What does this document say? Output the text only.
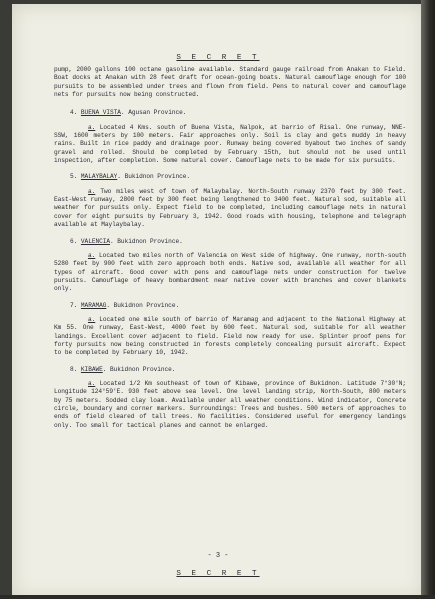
S E C R E T

pump, 2000 gallons 100 octane gasoline available. Standard gauge railroad from Anakan to Field. Boat docks at Anakan with 28 feet draft for ocean-going boats. Natural camouflage enough for 100 pursuits to be assembled under trees and flown from field. Pens to natural cover and camouflage nets for pursuits now being constructed.

4. BUENA VISTA. Agusan Province.

a. Located 4 Kms. south of Buena Vista, Nalpok, at barrio of Risal. One runway, NNE-SSW, 1600 meters by 100 meters. Fair approaches only. Soil is clay and gets muddy in heavy rains. Built in rice paddy and drainage poor. Runway being covered byabout two inches of sandy gravel and rolled. Should be completed by February 15th, but should not be used until inspection, after completion. Some natural cover. Camouflage nets to be made for six pursuits.

5. MALAYBALAY. Bukidnon Province.

a. Two miles west of town of Malaybalay. North-South runway 2370 feet by 300 feet. East-West runway, 2800 feet by 300 feet being lengthened to 3400 feet. Natural sod, suitable all weather for pursuits only. Expect field to be completed, including camouflage nets in natural cover for eight pursuits by February 3, 1942. Good roads with housing, telephone and telegraph available at Maylaybalay.

6. VALENCIA. Bukidnon Province.

a. Located two miles north of Valencia on West side of highway. One runway, north-south 5280 feet by 900 feet with zero approach both ends. Native sod, available all weather for all types of aircraft. Good cover with pens and camouflage nets under construction for twelve pursuits. Camouflage of heavy bombardment near native cover with branches and cover blankets only.

7. MARAMAG. Bukidnon Province.

a. Located one mile south of barrio of Maramag and adjacent to the National Highway at Km 55. One runway, East-West, 4000 feet by 600 feet. Natural sod, suitable for all weather landings. Excellent cover adjacent to field. Field now ready for use. Splinter proof pens for forty pursuits now being constructed in forests completely concealing pursuit aircraft. Expect to be completed by February 10, 1942.

8. KIBAWE. Bukidnon Province.

a. Located 1/2 Km southeast of town of Kibawe, province of Bukidnon. Latitude 7°30'N; Longitude 124°59'E. 930 feet above sea level. One level landing strip, North-South, 800 meters by 75 meters. Sodded clay loam. Available under all weather conditions. Wind indicator, Concrete circle, boundary and corner markers. Surroundings: Trees and bushes. 500 meters of approaches to ends of field cleared of tall trees. No facilities. Considered useful for emergency landings only. Too small for tactical planes and cannot be enlarged.

- 3 -
S E C R E T
